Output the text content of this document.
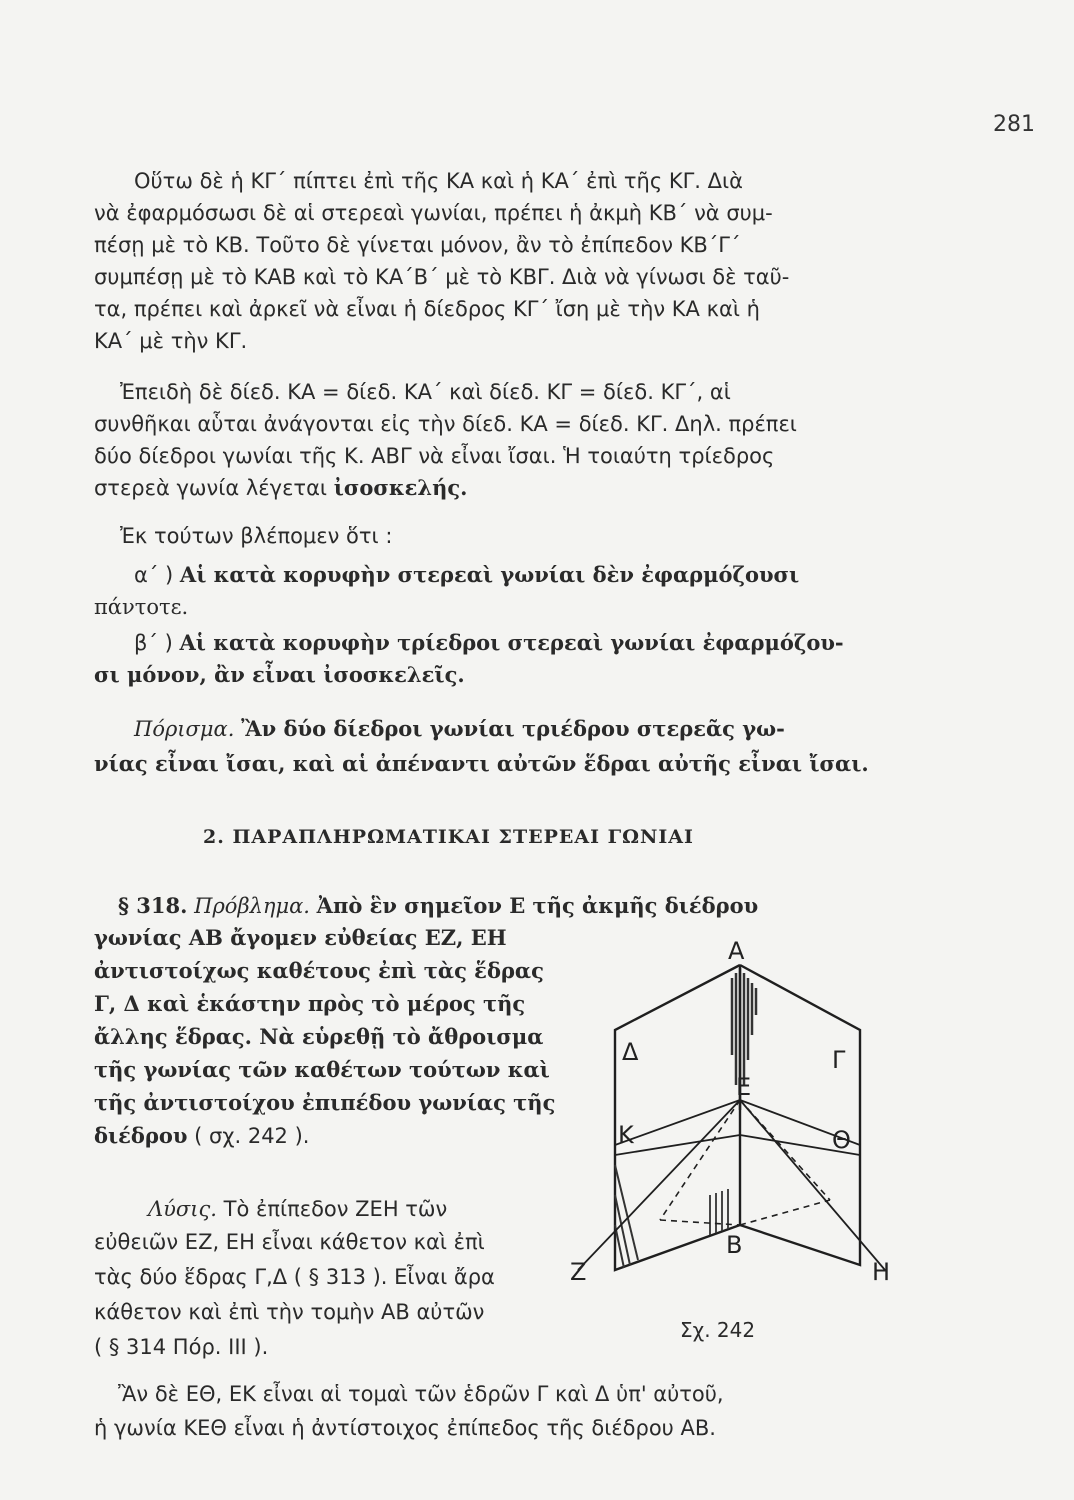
281
Οὕτω δὲ ἡ ΚΓ΄ πίπτει ἐπὶ τῆς ΚΑ καὶ ἡ ΚΑ΄ ἐπὶ τῆς ΚΓ. Διὰ
νὰ ἐφαρμόσωσι δὲ αἱ στερεαὶ γωνίαι, πρέπει ἡ ἀκμὴ ΚΒ΄ νὰ συμ-
πέσῃ μὲ τὸ ΚΒ. Τοῦτο δὲ γίνεται μόνον, ἂν τὸ ἐπίπεδον ΚΒ΄Γ΄
συμπέσῃ μὲ τὸ ΚΑΒ καὶ τὸ ΚΑ΄Β΄ μὲ τὸ ΚΒΓ. Διὰ νὰ γίνωσι δὲ ταῦ-
τα, πρέπει καὶ ἀρκεῖ νὰ εἶναι ἡ δίεδρος ΚΓ΄ ἴση μὲ τὴν ΚΑ καὶ ἡ
ΚΑ΄ μὲ τὴν ΚΓ.
Ἐπειδὴ δὲ δίεδ. ΚΑ = δίεδ. ΚΑ΄ καὶ δίεδ. ΚΓ = δίεδ. ΚΓ΄, αἱ
συνθῆκαι αὗται ἀνάγονται εἰς τὴν δίεδ. ΚΑ = δίεδ. ΚΓ. Δηλ. πρέπει
δύο δίεδροι γωνίαι τῆς Κ. ΑΒΓ νὰ εἶναι ἴσαι. Ἡ τοιαύτη τρίεδρος
στερεὰ γωνία λέγεται ἰσοσκελής.
Ἐκ τούτων βλέπομεν ὅτι :
α΄ ) Αἱ κατὰ κορυφὴν στερεαὶ γωνίαι δὲν ἐφαρμόζουσι
πάντοτε.
β΄ ) Αἱ κατὰ κορυφὴν τρίεδροι στερεαὶ γωνίαι ἐφαρμόζου-
σι μόνον, ἂν εἶναι ἰσοσκελεῖς.
Πόρισμα. Ἂν δύο δίεδροι γωνίαι τριέδρου στερεᾶς γω-
νίας εἶναι ἴσαι, καὶ αἱ ἀπέναντι αὐτῶν ἕδραι αὐτῆς εἶναι ἴσαι.
2. ΠΑΡΑΠΛΗΡΩΜΑΤΙΚΑΙ ΣΤΕΡΕΑΙ ΓΩΝΙΑΙ
§ 318. Πρόβλημα. Ἀπὸ ἓν σημεῖον Ε τῆς ἀκμῆς διέδρου
γωνίας ΑΒ ἄγομεν εὐθείας ΕΖ, ΕΗ
ἀντιστοίχως καθέτους ἐπὶ τὰς ἕδρας
Γ, Δ καὶ ἑκάστην πρὸς τὸ μέρος τῆς
ἄλλης ἕδρας. Νὰ εὑρεθῇ τὸ ἄθροισμα
τῆς γωνίας τῶν καθέτων τούτων καὶ
τῆς ἀντιστοίχου ἐπιπέδου γωνίας τῆς
διέδρου ( σχ. 242 ).
Λύσις. Τὸ ἐπίπεδον ΖΕΗ τῶν
εὐθειῶν ΕΖ, ΕΗ εἶναι κάθετον καὶ ἐπὶ
τὰς δύο ἕδρας Γ,Δ ( § 313 ). Εἶναι ἄρα
κάθετον καὶ ἐπὶ τὴν τομὴν ΑΒ αὐτῶν
( § 314 Πόρ. ΙΙΙ ).
Ἂν δὲ ΕΘ, ΕΚ εἶναι αἱ τομαὶ τῶν ἑδρῶν Γ καὶ Δ ὑπ' αὐτοῦ,
ἡ γωνία ΚΕΘ εἶναι ἡ ἀντίστοιχος ἐπίπεδος τῆς διέδρου ΑΒ.
Α
Δ	Γ
Ε
Κ	Θ
Β
Ζ	Η
Σχ. 242
